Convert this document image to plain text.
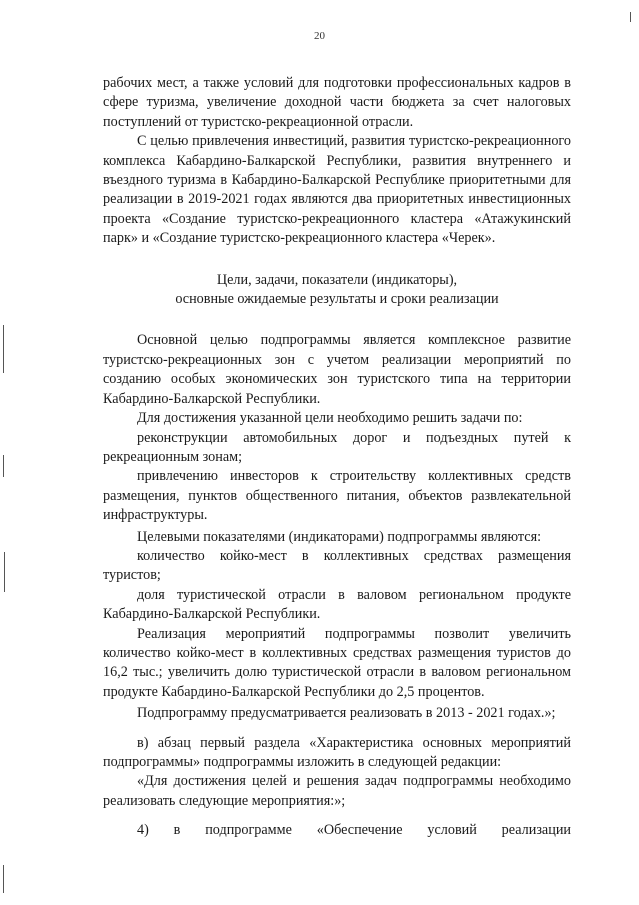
20

рабочих мест, а также условий для подготовки профессиональных кадров в сфере туризма, увеличение доходной части бюджета за счет налоговых поступлений от туристско-рекреационной отрасли.

С целью привлечения инвестиций, развития туристско-рекреационного комплекса Кабардино-Балкарской Республики, развития внутреннего и въездного туризма в Кабардино-Балкарской Республике приоритетными для реализации в 2019-2021 годах являются два приоритетных инвестиционных проекта «Создание туристско-рекреационного кластера «Атажукинский парк» и «Создание туристско-рекреационного кластера «Черек».

Цели, задачи, показатели (индикаторы),
основные ожидаемые результаты и сроки реализации

Основной целью подпрограммы является комплексное развитие туристско-рекреационных зон с учетом реализации мероприятий по созданию особых экономических зон туристского типа на территории Кабардино-Балкарской Республики.

Для достижения указанной цели необходимо решить задачи по:

реконструкции автомобильных дорог и подъездных путей к рекреационным зонам;

привлечению инвесторов к строительству коллективных средств размещения, пунктов общественного питания, объектов развлекательной инфраструктуры.

Целевыми показателями (индикаторами) подпрограммы являются:

количество койко-мест в коллективных средствах размещения туристов;

доля туристической отрасли в валовом региональном продукте Кабардино-Балкарской Республики.

Реализация мероприятий подпрограммы позволит увеличить количество койко-мест в коллективных средствах размещения туристов до 16,2 тыс.; увеличить долю туристической отрасли в валовом региональном продукте Кабардино-Балкарской Республики до 2,5 процентов.

Подпрограмму предусматривается реализовать в 2013 - 2021 годах.»;

в) абзац первый раздела «Характеристика основных мероприятий подпрограммы» подпрограммы изложить в следующей редакции:

«Для достижения целей и решения задач подпрограммы необходимо реализовать следующие мероприятия:»;

4) в подпрограмме «Обеспечение условий реализации
